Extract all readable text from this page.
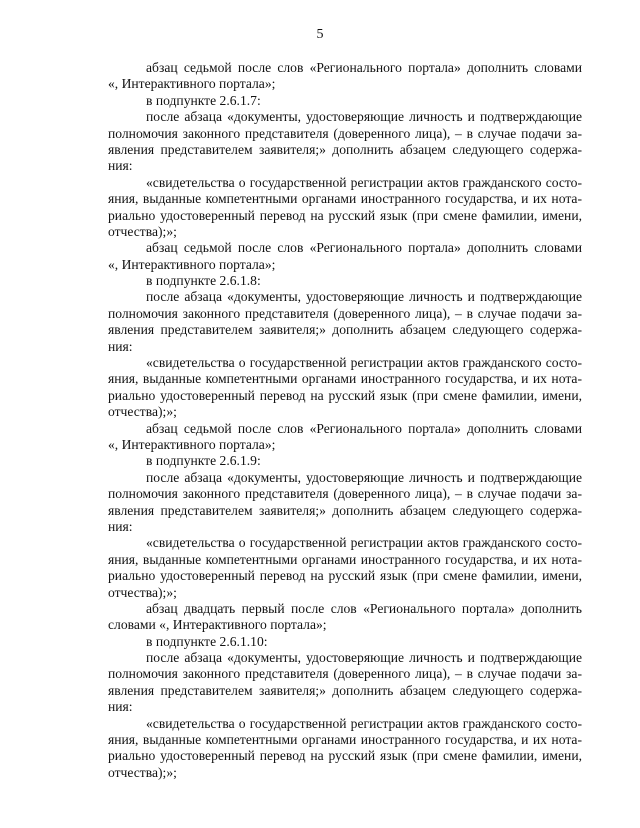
5
абзац седьмой после слов «Регионального портала» дополнить словами
«, Интерактивного портала»;
в подпункте 2.6.1.7:
после абзаца «документы, удостоверяющие личность и подтверждающие
полномочия законного представителя (доверенного лица), – в случае подачи за-
явления представителем заявителя;» дополнить абзацем следующего содержа-
ния:
«свидетельства о государственной регистрации актов гражданского состо-
яния, выданные компетентными органами иностранного государства, и их нота-
риально удостоверенный перевод на русский язык (при смене фамилии, имени,
отчества);»;
абзац седьмой после слов «Регионального портала» дополнить словами
«, Интерактивного портала»;
в подпункте 2.6.1.8:
после абзаца «документы, удостоверяющие личность и подтверждающие
полномочия законного представителя (доверенного лица), – в случае подачи за-
явления представителем заявителя;» дополнить абзацем следующего содержа-
ния:
«свидетельства о государственной регистрации актов гражданского состо-
яния, выданные компетентными органами иностранного государства, и их нота-
риально удостоверенный перевод на русский язык (при смене фамилии, имени,
отчества);»;
абзац седьмой после слов «Регионального портала» дополнить словами
«, Интерактивного портала»;
в подпункте 2.6.1.9:
после абзаца «документы, удостоверяющие личность и подтверждающие
полномочия законного представителя (доверенного лица), – в случае подачи за-
явления представителем заявителя;» дополнить абзацем следующего содержа-
ния:
«свидетельства о государственной регистрации актов гражданского состо-
яния, выданные компетентными органами иностранного государства, и их нота-
риально удостоверенный перевод на русский язык (при смене фамилии, имени,
отчества);»;
абзац двадцать первый после слов «Регионального портала» дополнить
словами «, Интерактивного портала»;
в подпункте 2.6.1.10:
после абзаца «документы, удостоверяющие личность и подтверждающие
полномочия законного представителя (доверенного лица), – в случае подачи за-
явления представителем заявителя;» дополнить абзацем следующего содержа-
ния:
«свидетельства о государственной регистрации актов гражданского состо-
яния, выданные компетентными органами иностранного государства, и их нота-
риально удостоверенный перевод на русский язык (при смене фамилии, имени,
отчества);»;
